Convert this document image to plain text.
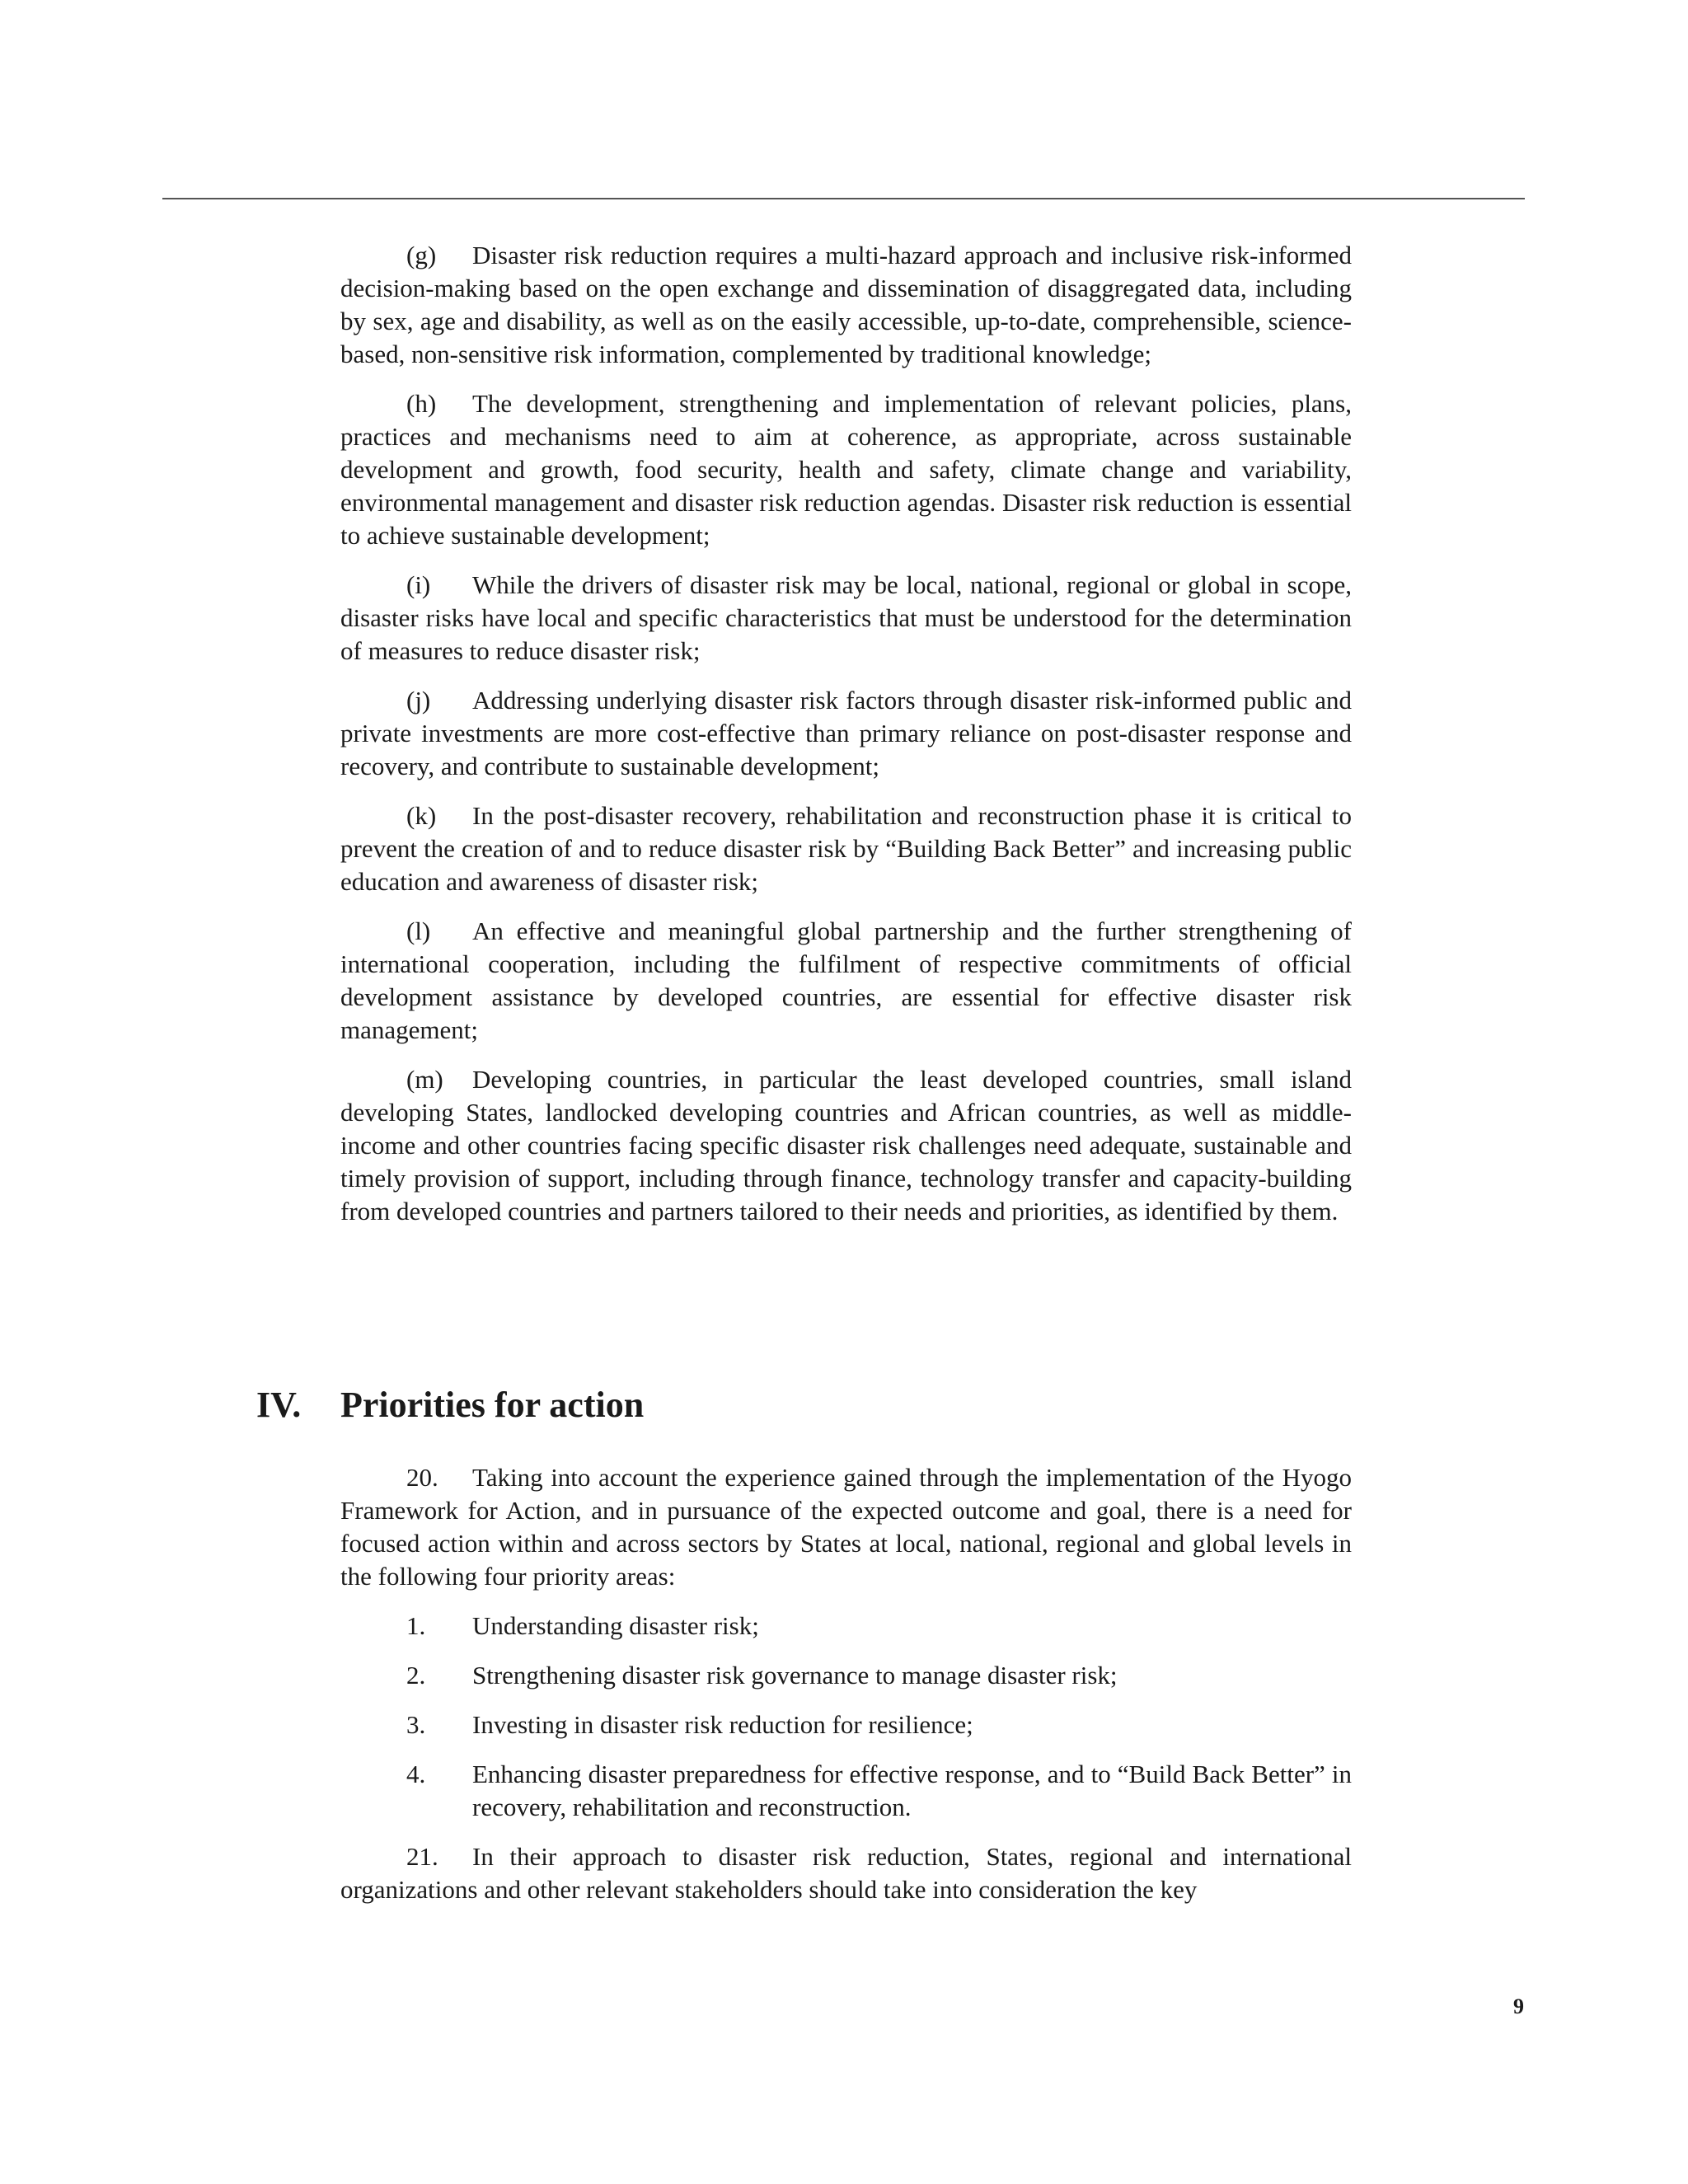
(g) Disaster risk reduction requires a multi-hazard approach and inclusive risk-informed decision-making based on the open exchange and dissemination of disaggregated data, including by sex, age and disability, as well as on the easily accessible, up-to-date, comprehensible, science-based, non-sensitive risk information, complemented by traditional knowledge;

(h) The development, strengthening and implementation of relevant policies, plans, practices and mechanisms need to aim at coherence, as appropriate, across sustainable development and growth, food security, health and safety, climate change and variability, environmental management and disaster risk reduction agendas. Disaster risk reduction is essential to achieve sustainable development;

(i) While the drivers of disaster risk may be local, national, regional or global in scope, disaster risks have local and specific characteristics that must be understood for the determination of measures to reduce disaster risk;

(j) Addressing underlying disaster risk factors through disaster risk-informed public and private investments are more cost-effective than primary reliance on post-disaster response and recovery, and contribute to sustainable development;

(k) In the post-disaster recovery, rehabilitation and reconstruction phase it is critical to prevent the creation of and to reduce disaster risk by “Building Back Better” and increasing public education and awareness of disaster risk;

(l) An effective and meaningful global partnership and the further strengthening of international cooperation, including the fulfilment of respective commitments of official development assistance by developed countries, are essential for effective disaster risk management;

(m) Developing countries, in particular the least developed countries, small island developing States, landlocked developing countries and African countries, as well as middle-income and other countries facing specific disaster risk challenges need adequate, sustainable and timely provision of support, including through finance, technology transfer and capacity-building from developed countries and partners tailored to their needs and priorities, as identified by them.

IV. Priorities for action

20. Taking into account the experience gained through the implementation of the Hyogo Framework for Action, and in pursuance of the expected outcome and goal, there is a need for focused action within and across sectors by States at local, national, regional and global levels in the following four priority areas:

1. Understanding disaster risk;
2. Strengthening disaster risk governance to manage disaster risk;
3. Investing in disaster risk reduction for resilience;
4. Enhancing disaster preparedness for effective response, and to “Build Back Better” in recovery, rehabilitation and reconstruction.

21. In their approach to disaster risk reduction, States, regional and international organizations and other relevant stakeholders should take into consideration the key

9
